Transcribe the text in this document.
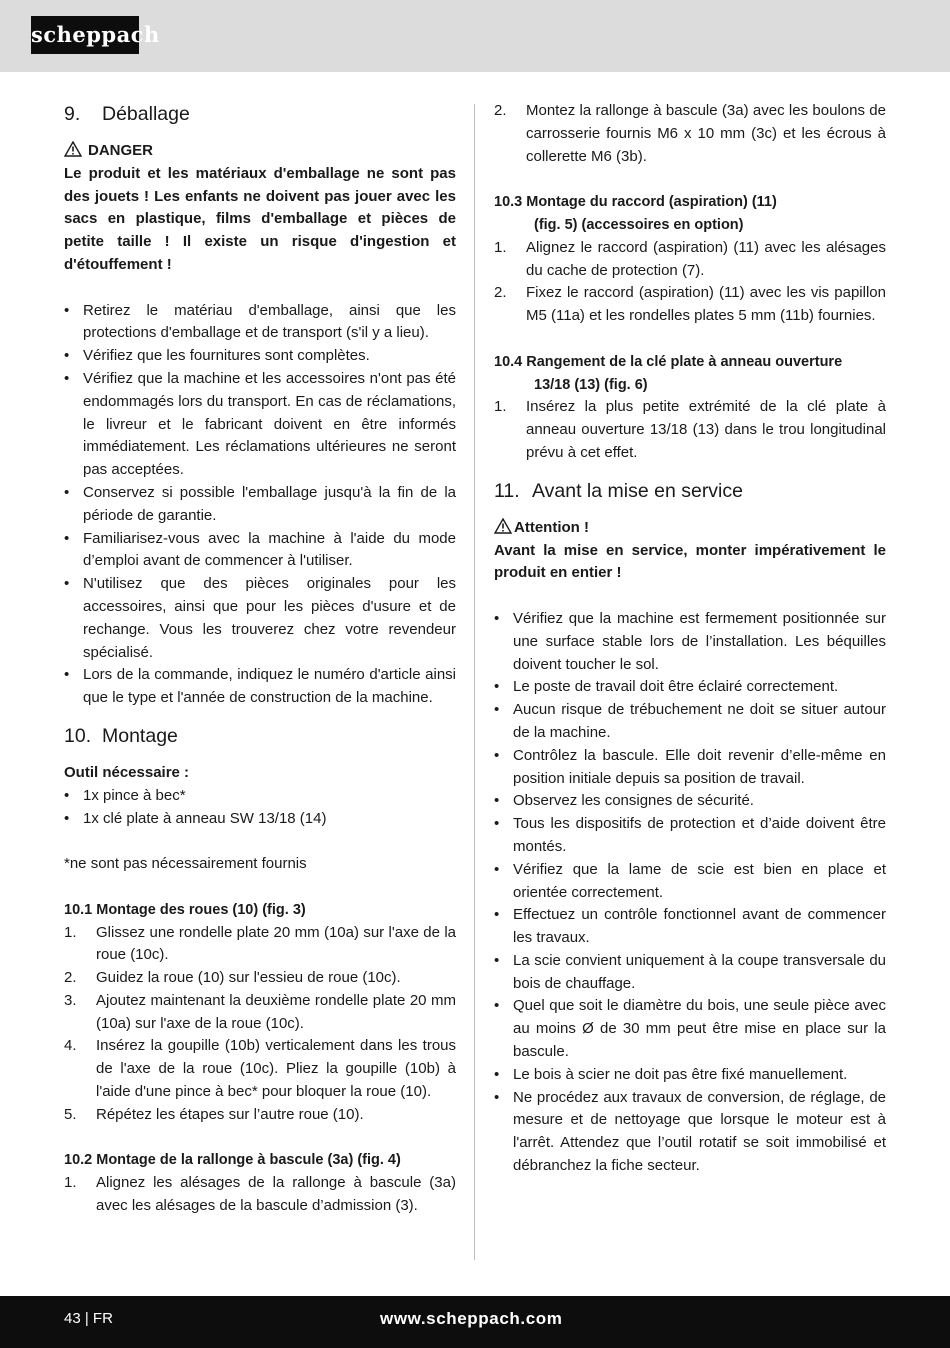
scheppach
9. Déballage
DANGER

Le produit et les matériaux d'emballage ne sont pas des jouets ! Les enfants ne doivent pas jouer avec les sacs en plastique, films d'emballage et pièces de petite taille ! Il existe un risque d'ingestion et d'étouffement !

• Retirez le matériau d'emballage, ainsi que les protections d'emballage et de transport (s'il y a lieu).
• Vérifiez que les fournitures sont complètes.
• Vérifiez que la machine et les accessoires n'ont pas été endommagés lors du transport. En cas de réclamations, le livreur et le fabricant doivent en être informés immédiatement. Les réclamations ultérieures ne seront pas acceptées.
• Conservez si possible l'emballage jusqu'à la fin de la période de garantie.
• Familiarisez-vous avec la machine à l'aide du mode d’emploi avant de commencer à l'utiliser.
• N'utilisez que des pièces originales pour les accessoires, ainsi que pour les pièces d'usure et de rechange. Vous les trouverez chez votre revendeur spécialisé.
• Lors de la commande, indiquez le numéro d'article ainsi que le type et l'année de construction de la machine.
10. Montage

Outil nécessaire :

• 1x pince à bec*
• 1x clé plate à anneau SW 13/18 (14)

*ne sont pas nécessairement fournis

10.1 Montage des roues (10) (fig. 3)

1. Glissez une rondelle plate 20 mm (10a) sur l'axe de la roue (10c).
2. Guidez la roue (10) sur l'essieu de roue (10c).
3. Ajoutez maintenant la deuxième rondelle plate 20 mm (10a) sur l'axe de la roue (10c).
4. Insérez la goupille (10b) verticalement dans les trous de l'axe de la roue (10c). Pliez la goupille (10b) à l'aide d'une pince à bec* pour bloquer la roue (10).
5. Répétez les étapes sur l’autre roue (10).

10.2 Montage de la rallonge à bascule (3a) (fig. 4)

1. Alignez les alésages de la rallonge à bascule (3a) avec les alésages de la bascule d’admission (3).
2. Montez la rallonge à bascule (3a) avec les boulons de carrosserie fournis M6 x 10 mm (3c) et les écrous à collerette M6 (3b).

10.3 Montage du raccord (aspiration) (11)
(fig. 5) (accessoires en option)

1. Alignez le raccord (aspiration) (11) avec les alésages du cache de protection (7).
2. Fixez le raccord (aspiration) (11) avec les vis papillon M5 (11a) et les rondelles plates 5 mm (11b) fournies.

10.4 Rangement de la clé plate à anneau ouverture
13/18 (13) (fig. 6)

1. Insérez la plus petite extrémité de la clé plate à anneau ouverture 13/18 (13) dans le trou longitudinal prévu à cet effet.
11. Avant la mise en service
Attention !

Avant la mise en service, monter impérativement le produit en entier !

• Vérifiez que la machine est fermement positionnée sur une surface stable lors de l’installation. Les béquilles doivent toucher le sol.
• Le poste de travail doit être éclairé correctement.
• Aucun risque de trébuchement ne doit se situer autour de la machine.
• Contrôlez la bascule. Elle doit revenir d’elle-même en position initiale depuis sa position de travail.
• Observez les consignes de sécurité.
• Tous les dispositifs de protection et d’aide doivent être montés.
• Vérifiez que la lame de scie est bien en place et orientée correctement.
• Effectuez un contrôle fonctionnel avant de commencer les travaux.
• La scie convient uniquement à la coupe transversale du bois de chauffage.
• Quel que soit le diamètre du bois, une seule pièce avec au moins Ø de 30 mm peut être mise en place sur la bascule.
• Le bois à scier ne doit pas être fixé manuellement.
• Ne procédez aux travaux de conversion, de réglage, de mesure et de nettoyage que lorsque le moteur est à l'arrêt. Attendez que l’outil rotatif se soit immobilisé et débranchez la fiche secteur.
43 | FR	www.scheppach.com
